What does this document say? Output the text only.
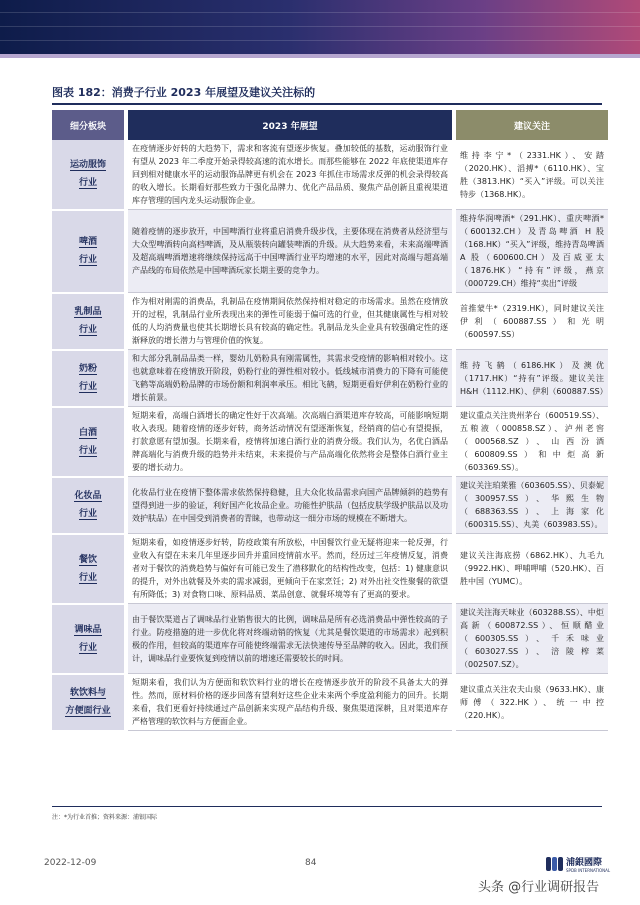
图表 182：消费子行业 2023 年展望及建议关注标的
细分板块		2023 年展望		建议关注
运动服饰
行业		在疫情逐步好转的大趋势下，需求和客流有望逐步恢复。叠加较低的基数，运动服饰行业有望从 2023 年二季度开始录得较高速的流水增长。而那些能够在 2022 年底使渠道库存回到相对健康水平的运动服饰品牌更有机会在 2023 年抓住市场需求反弹的机会录得较高的收入增长。长期看好那些致力于强化品牌力、优化产品品质、聚焦产品创新且重视渠道库存管理的国内龙头运动服饰企业。		维持李宁*（2331.HK）、安踏（2020.HK）、滔搏*（6110.HK）、宝胜（3813.HK）“买入”评级。可以关注特步（1368.HK）。
啤酒
行业		随着疫情的逐步放开，中国啤酒行业将重启消费升级步伐，主要体现在消费者从经济型与大众型啤酒转向高档啤酒，及从瓶装转向罐装啤酒的升级。从大趋势来看，未来高端啤酒及超高端啤酒增速将继续保持远高于中国啤酒行业平均增速的水平，因此对高端与超高端产品线的布局依然是中国啤酒玩家长期主要的竞争力。		维持华润啤酒*（291.HK）、重庆啤酒*（600132.CH）及青岛啤酒 H 股（168.HK）“买入”评级，维持青岛啤酒 A 股（600600.CH）及百威亚太（1876.HK）“持有”评级，燕京（000729.CH）维持“卖出”评级
乳制品
行业		作为相对刚需的消费品，乳制品在疫情期间依然保持相对稳定的市场需求。虽然在疫情放开的过程，乳制品行业所表现出来的弹性可能弱于偏可选的行业，但其健康属性与相对较低的人均消费量也使其长期增长具有较高的确定性。乳制品龙头企业具有较强确定性的逐渐释放的增长潜力与管理价值的恢复。		首推蒙牛*（2319.HK），同时建议关注伊利（600887.SS）和光明（600597.SS）
奶粉
行业		和大部分乳制品品类一样，婴幼儿奶粉具有刚需属性，其需求受疫情的影响相对较小。这也就意味着在疫情放开阶段，奶粉行业的弹性相对较小。低线城市消费力的下降有可能使飞鹤等高端奶粉品牌的市场份额和利润率承压。相比飞鹤，短期更看好伊利在奶粉行业的增长前景。		维持飞鹤（6186.HK）及澳优（1717.HK）“持有”评级。建议关注 H&H（1112.HK）、伊利（600887.SS）
白酒
行业		短期来看，高端白酒增长的确定性好于次高端。次高端白酒渠道库存较高，可能影响短期收入表现。随着疫情的逐步好转，商务活动情况有望逐渐恢复，经销商的信心有望提振，打款意愿有望加强。长期来看，疫情将加速白酒行业的消费分级。我们认为，名优白酒品牌高端化与消费升级的趋势并未结束，未来提价与产品高端化依然将会是整体白酒行业主要的增长动力。		建议重点关注贵州茅台（600519.SS）、五粮液（000858.SZ）、泸州老窖（000568.SZ）、山西汾酒（600809.SS）和中炬高新（603369.SS）。
化妆品
行业		化妆品行业在疫情下整体需求依然保持稳健，且大众化妆品需求向国产品牌倾斜的趋势有望得到进一步的验证，利好国产化妆品企业。功能性护肤品（包括皮肤学级护肤品以及功效护肤品）在中国受到消费者的青睐，也带动这一细分市场的规模在不断增大。		建议关注珀莱雅（603605.SS）、贝泰妮（300957.SS）、华熙生物（688363.SS）、上海家化（600315.SS）、丸美（603983.SS）。
餐饮
行业		短期来看，如疫情逐步好转，防疫政策有所放松，中国餐饮行业无疑将迎来一轮反弹，行业收入有望在未来几年里逐步回升并重回疫情前水平。然而，经历过三年疫情反复，消费者对于餐饮的消费趋势与偏好有可能已发生了潜移默化的结构性改变，包括：1) 健康意识的提升，对外出就餐及外卖的需求减弱，更倾向于在家烹饪；2) 对外出社交性聚餐的欲望有所降低；3) 对食物口味、原料品质、菜品创意、就餐环境等有了更高的要求。		建议关注海底捞（6862.HK）、九毛九（9922.HK）、呷哺呷哺（520.HK）、百胜中国（YUMC）。
调味品
行业		由于餐饮渠道占了调味品行业销售很大的比例，调味品是所有必选消费品中弹性较高的子行业。防疫措施的进一步优化将对终端动销的恢复（尤其是餐饮渠道的市场需求）起到积极的作用，但较高的渠道库存可能使终端需求无法快速传导至品牌的收入。因此，我们预计，调味品行业要恢复到疫情以前的增速还需要较长的时间。		建议关注海天味业（603288.SS）、中炬高新（600872.SS）、恒顺醋业（600305.SS）、千禾味业（603027.SS）、涪陵榨菜（002507.SZ）。
软饮料与
方便面行业		短期来看，我们认为方便面和软饮料行业的增长在疫情逐步放开的阶段不具备太大的弹性。然而，原材料价格的逐步回落有望利好这些企业未来两个季度盈利能力的回升。长期来看，我们更看好持续通过产品创新来实现产品结构升级、聚焦渠道深耕，且对渠道库存严格管理的软饮料与方便面企业。		建议重点关注农夫山泉（9633.HK）、康师傅（322.HK）、统一中控（220.HK）。
注：*为行业首推；资料来源：浦银国际
2022-12-09	84	浦銀國際
SPDB INTERNATIONAL
头条 @行业调研报告
